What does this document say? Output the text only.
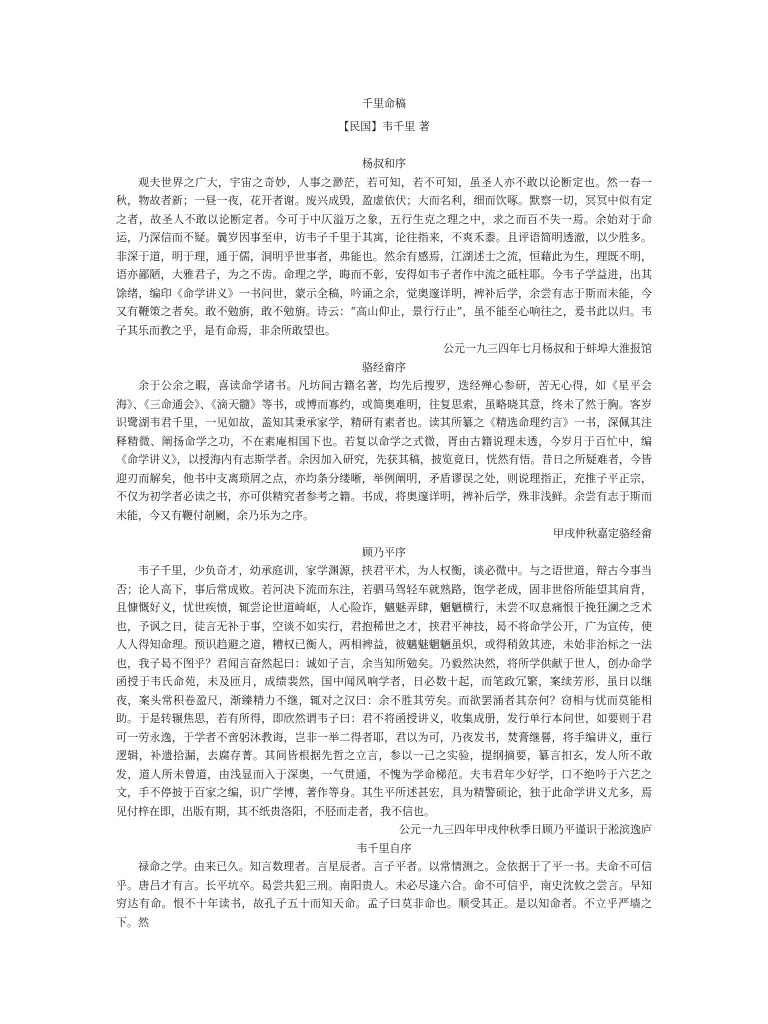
千里命稿
【民国】韦千里 著
杨叔和序

观夫世界之广大，宇宙之奇妙，人事之渺茫，若可知，若不可知，虽圣人亦不敢以论断定也。然一春一秋，物故者新；一昼一夜，花开者谢。废兴成毁，盈虚依伏；大而名利，细而饮啄。默察一切，冥冥中似有定之者，故圣人不敢以论断定者。今可于中仄溢万之象，五行生克之理之中，求之而百不失一焉。余始对于命运，乃深信而不疑。曩岁因事至申，访韦子千里于其寓，论往指来，不爽禾黍。且评语简明透澈，以少胜多。非深于道，明于理，通于儒，洞明乎世事者，弗能也。然余有感焉，江湖述士之流，恒藉此为生，理既不明，语亦鄙陋，大雅君子，为之不齿。命理之学，晦而不彰，安得如韦子者作中流之砥柱耶。今韦子学益进，出其馀绪，编印《命学讲义》一书问世，蒙示全稿，吟诵之余，觉奥邃详明，裨补后学，余尝有志于斯而未能，今又有鞭策之者矣。敢不勉旃，敢不勉旃。诗云：“高山仰止，景行行止”，虽不能至心响往之，爰书此以归。韦子其乐而教之乎，是有命焉，非余所敢望也。

公元一九三四年七月杨叔和于蚌埠大淮报馆
骆经畲序

余于公余之暇，喜读命学诸书。凡坊间古籍名著，均先后搜罗，迭经殚心参研，苦无心得，如《星平会海》、《三命通会》、《滴天髓》等书，或博而寡约，或简奥难明，往复思索，虽略晓其意，终未了然于胸。客岁识鹭湖韦君千里，一见如故，盖知其秉承家学，精研有素者也。读其所纂之《精选命理约言》一书，深佩其注释精微、阐扬命学之功，不在素庵相国下也。若复以命学之式微，胥由古籍说理未透，今岁月于百忙中，编《命学讲义》，以授海内有志斯学者。余因加入研究，先获其稿，披览竟日，恍然有悟。昔日之所疑难者，今皆迎刃而解矣，他书中支离琐屑之点，亦均条分缕晰，举例阐明，矛盾谬误之处，则说理指正，充推子平正宗，不仅为初学者必读之书，亦可供精究者参考之籍。书成，将奥邃详明，裨补后学，殊非浅鲜。余尝有志于斯而未能，今又有鞭付剞劂，余乃乐为之序。

甲戌仲秋嘉定骆经畲
顾乃平序

韦子千里，少负奇才，幼承庭训，家学渊源，挟君平术，为人权衡，谈必微中。与之语世道，辩古今事当否；论人高下，事后常成败。若河决下流而东注，若驷马驾轻车就熟路，饱学老成，固非世俗所能望其肩背，且慷慨好义，忧世疾愤，辄尝论世道崎岖，人心险诈，魑魅弄肆，魍魉横行，未尝不叹息痛恨于挽狂澜之乏术也，予讽之日，徒言无补于事，空谈不如实行，君抱稀世之才，挟君平神技，曷不将命学公开，广为宣传，使人人得知命理。预识趋避之道，糟权已衡人，两相裨益，彼魑魅魍魉虽炽，或得稍敛其迹，未始非治标之一法也，我子曷不图乎？君闻言奋然起曰：诚如子言，余当知所勉矣。乃毅然决然，将所学供献于世人，创办命学函授于韦氏命苑，未及匝月，成绩裴然，国中闻风响学者，日必数十起，而笔政冗繁，案续芳形，虽日以继夜，案头常积卷盈尺，渐臻精力不继，辄对之汉曰：余不胜其劳矣。而欲罢涌者其奈何？窃相与忧而莫能相助。于是转辗焦思，若有所得，即欣然谓韦子曰：君不将函授讲义，收集成册，发行单行本问世，如要则于君可一劳永逸，于学者不啻躬沐教诲，岂非一举二得者耶，君以为可，乃夜发书，焚膏继晷，将手编讲义，重行逻辑，补遗拾漏，去腐存菁。其间皆根据先哲之立言，参以一己之实验，提纲摘要，纂言扣玄，发人所不敢发，道人所未曾道，由浅显而入于深奥，一气贯通，不愧为学命梯范。夫韦君年少好学，口不绝吟于六艺之文，手不停披于百家之编，识广学博，著作等身。其生平所述甚宏，具为精警硕论，独于此命学讲义尤多，焉见付梓在即，出版有期，其不纸贵洛阳，不胫而走者，我不信也。

公元一九三四年甲戌仲秋季日顾乃平谨识于淞滨逸庐
韦千里自序

禄命之学。由来已久。知言数理者。言星辰者。言子平者。以常情测之。佥依据于了平一书。夫命不可信乎。唐吕才有言。长平坑卒。曷尝共犯三刑。南阳贵人。未必尽逢六合。命不可信乎，南史沈攸之尝言。早知穷达有命。恨不十年读书，故孔子五十而知天命。孟子曰莫非命也。顺受其正。是以知命者。不立乎严墙之下。然
